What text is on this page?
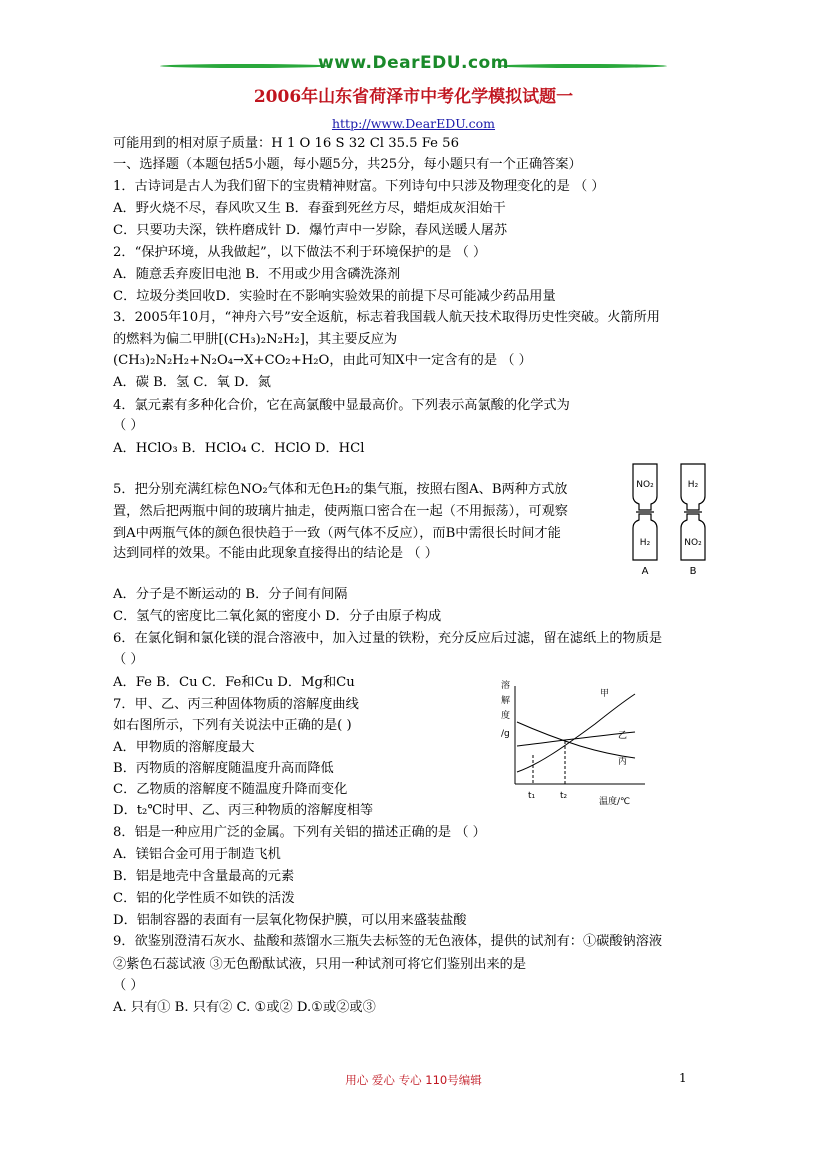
www.DearEDU.com
2006年山东省荷泽市中考化学模拟试题一
http://www.DearEDU.com
可能用到的相对原子质量：H 1 O 16 S 32 Cl 35.5 Fe 56
一、选择题（本题包括5小题，每小题5分，共25分，每小题只有一个正确答案）
1．古诗词是古人为我们留下的宝贵精神财富。下列诗句中只涉及物理变化的是 （ ）
A．野火烧不尽，春风吹又生 B．春蚕到死丝方尽，蜡炬成灰泪始干
C．只要功夫深，铁杵磨成针 D．爆竹声中一岁除，春风送暖人屠苏
2．“保护环境，从我做起”，以下做法不利于环境保护的是 （ ）
A．随意丢弃废旧电池 B．不用或少用含磷洗涤剂
C．垃圾分类回收D．实验时在不影响实验效果的前提下尽可能减少药品用量
3．2005年10月，“神舟六号”安全返航，标志着我国载人航天技术取得历史性突破。火箭所用
的燃料为偏二甲肼[(CH₃)₂N₂H₂]，其主要反应为
(CH₃)₂N₂H₂+N₂O₄→X+CO₂+H₂O，由此可知X中一定含有的是 （ ）
A．碳 B．氢 C．氧 D．氮
4．氯元素有多种化合价，它在高氯酸中显最高价。下列表示高氯酸的化学式为
（ ）
A．HClO₃ B．HClO₄ C．HClO D．HCl
5．把分别充满红棕色NO₂气体和无色H₂的集气瓶，按照右图A、B两种方式放
置，然后把两瓶中间的玻璃片抽走，使两瓶口密合在一起（不用振荡），可观察
到A中两瓶气体的颜色很快趋于一致（两气体不反应），而B中需很长时间才能
达到同样的效果。不能由此现象直接得出的结论是 （ ）
A．分子是不断运动的 B．分子间有间隔
C．氢气的密度比二氧化氮的密度小 D．分子由原子构成
6．在氯化铜和氯化镁的混合溶液中，加入过量的铁粉，充分反应后过滤，留在滤纸上的物质是
（ ）
A．Fe B．Cu C．Fe和Cu D．Mg和Cu
7．甲、乙、丙三种固体物质的溶解度曲线
如右图所示，下列有关说法中正确的是( )
A．甲物质的溶解度最大
B．丙物质的溶解度随温度升高而降低
C．乙物质的溶解度不随温度升降而变化
D．t₂℃时甲、乙、丙三种物质的溶解度相等
8．铝是一种应用广泛的金属。下列有关铝的描述正确的是 （ ）
A．镁铝合金可用于制造飞机
B．铝是地壳中含量最高的元素
C．铝的化学性质不如铁的活泼
D．铝制容器的表面有一层氧化物保护膜，可以用来盛装盐酸
9．欲鉴别澄清石灰水、盐酸和蒸馏水三瓶失去标签的无色液体，提供的试剂有：①碳酸钠溶液
②紫色石蕊试液 ③无色酚酞试液，只用一种试剂可将它们鉴别出来的是
（ ）
A. 只有① B. 只有② C. ①或② D.①或②或③
NO₂
H₂
H₂
NO₂
A	B
溶
解
度
/g
甲
乙
丙
t₁	t₂
温度/℃
用心 爱心 专心 110号编辑	1
